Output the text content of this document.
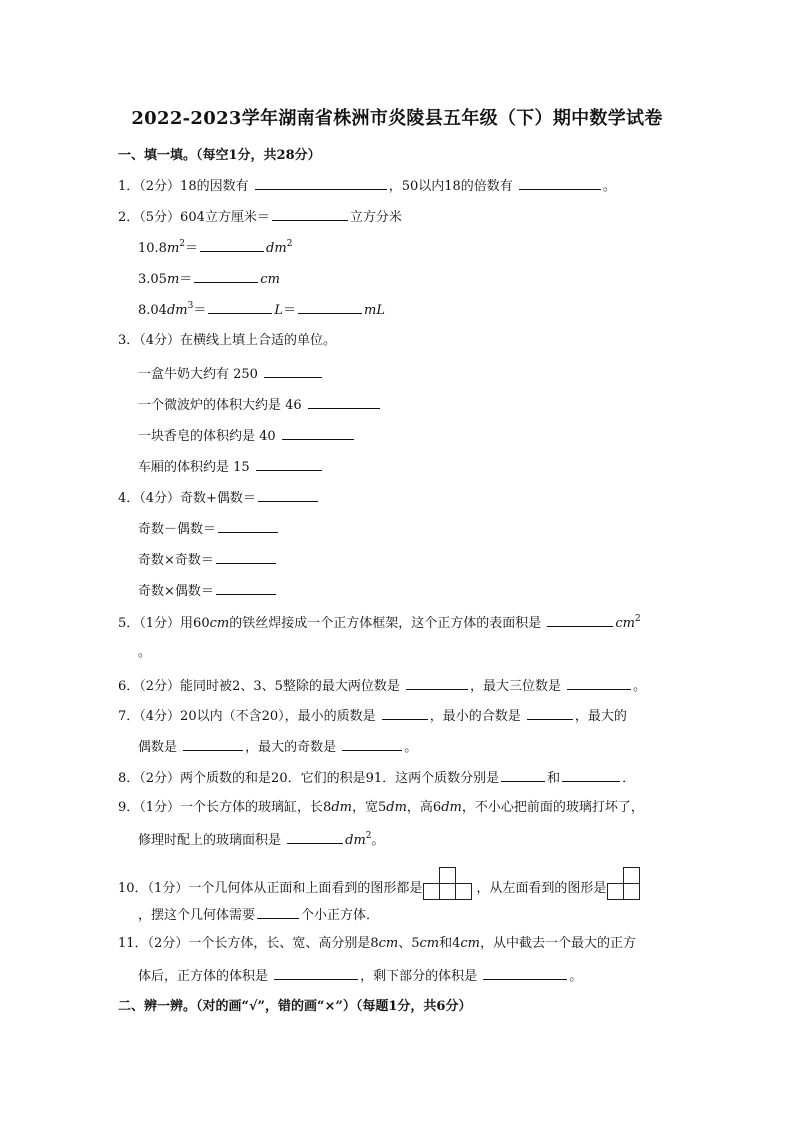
2022-2023学年湖南省株洲市炎陵县五年级（下）期中数学试卷
一、填一填。（每空1分，共28分）
1．（2分）18的因数有	，50以内18的倍数有	。
2．（5分）604立方厘米＝	立方分米
$10.8m^2=$	$dm^2$
3.05m＝	cm
$8.04dm^3=$	L＝	mL
3．（4分）在横线上填上合适的单位。
一盒牛奶大约有 250
一个微波炉的体积大约是 46
一块香皂的体积约是 40
车厢的体积约是 15
4．（4分）奇数+偶数＝
奇数－偶数＝
奇数×奇数＝
奇数×偶数＝
5．（1分）用60cm的铁丝焊接成一个正方体框架，这个正方体的表面积是	$cm^2$
。
6．（2分）能同时被2、3、5整除的最大两位数是	，最大三位数是	。
7．（4分）20以内（不含20），最小的质数是	，最小的合数是	，最大的
偶数是	，最大的奇数是	。
8．（2分）两个质数的和是20．它们的积是91．这两个质数分别是	和	．
9．（1分）一个长方体的玻璃缸，长8dm，宽5dm，高6dm，不小心把前面的玻璃打坏了，
修理时配上的玻璃面积是	$dm^2$。
10．（1分）一个几何体从正面和上面看到的图形都是	，从左面看到的图形是
，摆这个几何体需要	个小正方体．
11．（2分）一个长方体，长、宽、高分别是8cm、5cm和4cm，从中截去一个最大的正方
体后，正方体的体积是	，剩下部分的体积是	。
二、辨一辨。（对的画“√”，错的画“×”）（每题1分，共6分）
